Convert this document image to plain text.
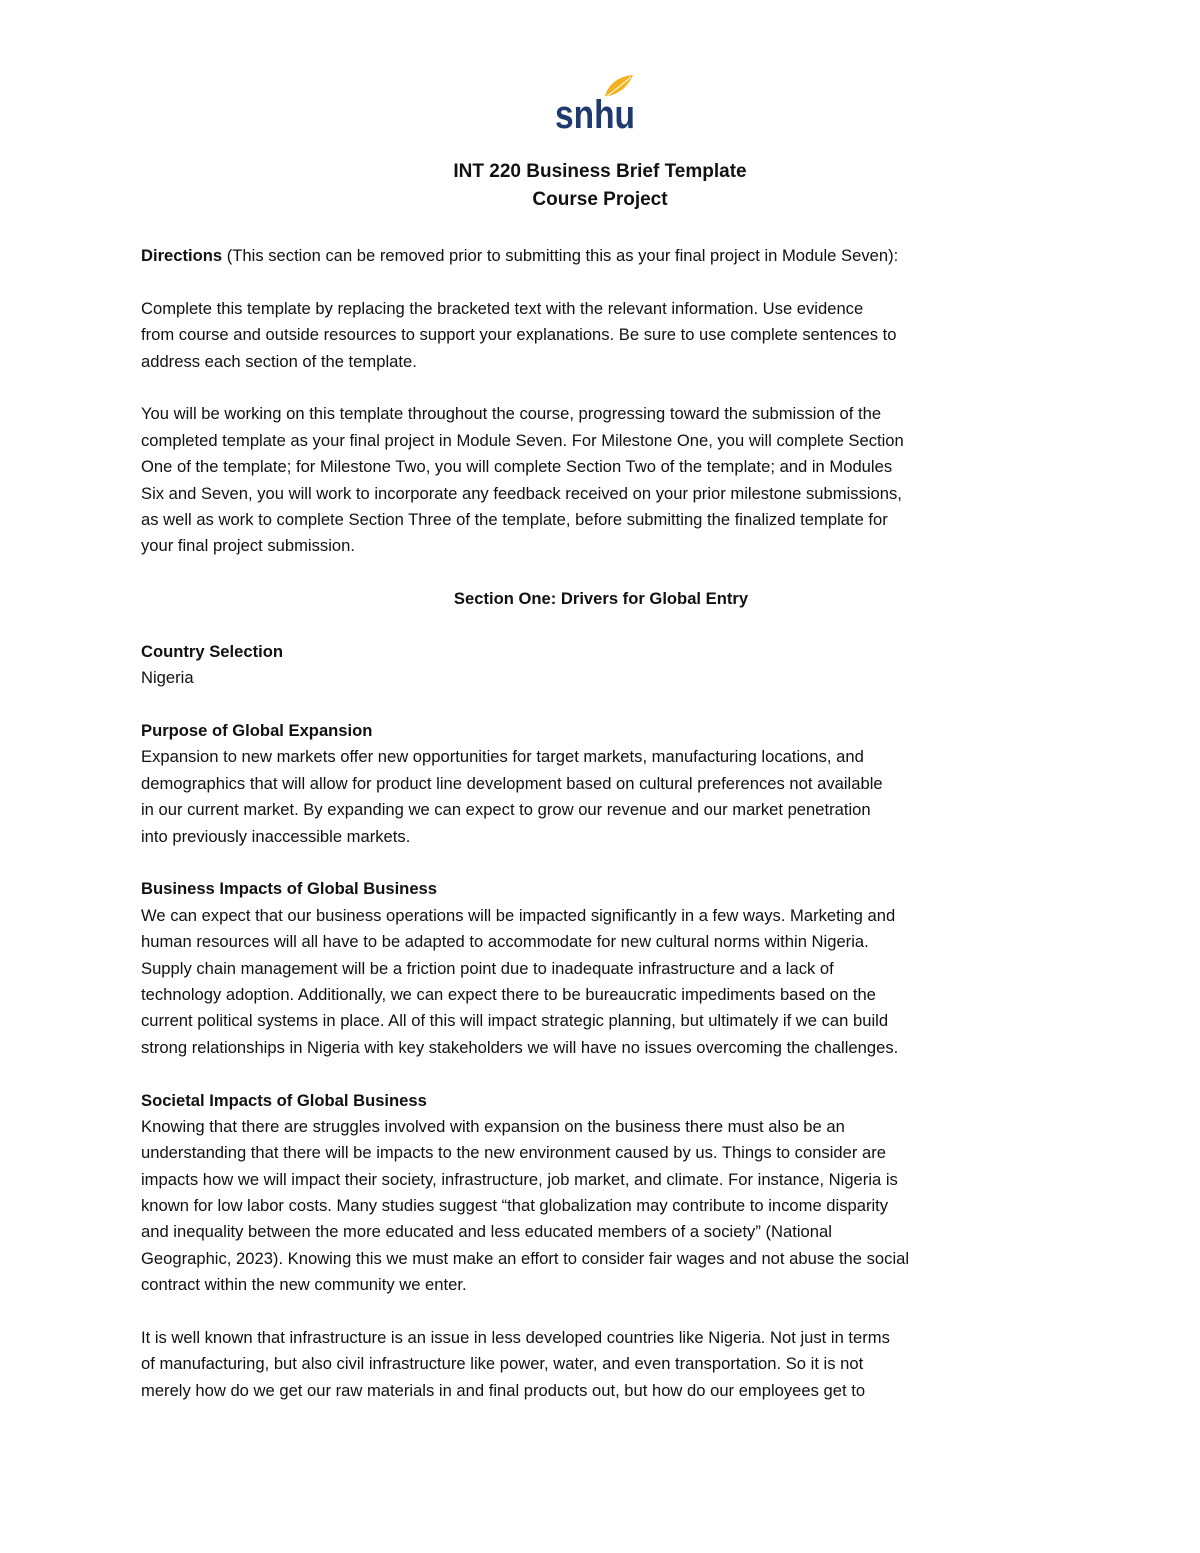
snhu
INT 220 Business Brief Template
Course Project
Directions (This section can be removed prior to submitting this as your final project in Module Seven):
Complete this template by replacing the bracketed text with the relevant information. Use evidence
from course and outside resources to support your explanations. Be sure to use complete sentences to
address each section of the template.
You will be working on this template throughout the course, progressing toward the submission of the
completed template as your final project in Module Seven. For Milestone One, you will complete Section
One of the template; for Milestone Two, you will complete Section Two of the template; and in Modules
Six and Seven, you will work to incorporate any feedback received on your prior milestone submissions,
as well as work to complete Section Three of the template, before submitting the finalized template for
your final project submission.
Section One: Drivers for Global Entry
Country Selection
Nigeria
Purpose of Global Expansion
Expansion to new markets offer new opportunities for target markets, manufacturing locations, and
demographics that will allow for product line development based on cultural preferences not available
in our current market. By expanding we can expect to grow our revenue and our market penetration
into previously inaccessible markets.
Business Impacts of Global Business
We can expect that our business operations will be impacted significantly in a few ways. Marketing and
human resources will all have to be adapted to accommodate for new cultural norms within Nigeria.
Supply chain management will be a friction point due to inadequate infrastructure and a lack of
technology adoption. Additionally, we can expect there to be bureaucratic impediments based on the
current political systems in place. All of this will impact strategic planning, but ultimately if we can build
strong relationships in Nigeria with key stakeholders we will have no issues overcoming the challenges.
Societal Impacts of Global Business
Knowing that there are struggles involved with expansion on the business there must also be an
understanding that there will be impacts to the new environment caused by us. Things to consider are
impacts how we will impact their society, infrastructure, job market, and climate. For instance, Nigeria is
known for low labor costs. Many studies suggest “that globalization may contribute to income disparity
and inequality between the more educated and less educated members of a society” (National
Geographic, 2023). Knowing this we must make an effort to consider fair wages and not abuse the social
contract within the new community we enter.
It is well known that infrastructure is an issue in less developed countries like Nigeria. Not just in terms
of manufacturing, but also civil infrastructure like power, water, and even transportation. So it is not
merely how do we get our raw materials in and final products out, but how do our employees get to
